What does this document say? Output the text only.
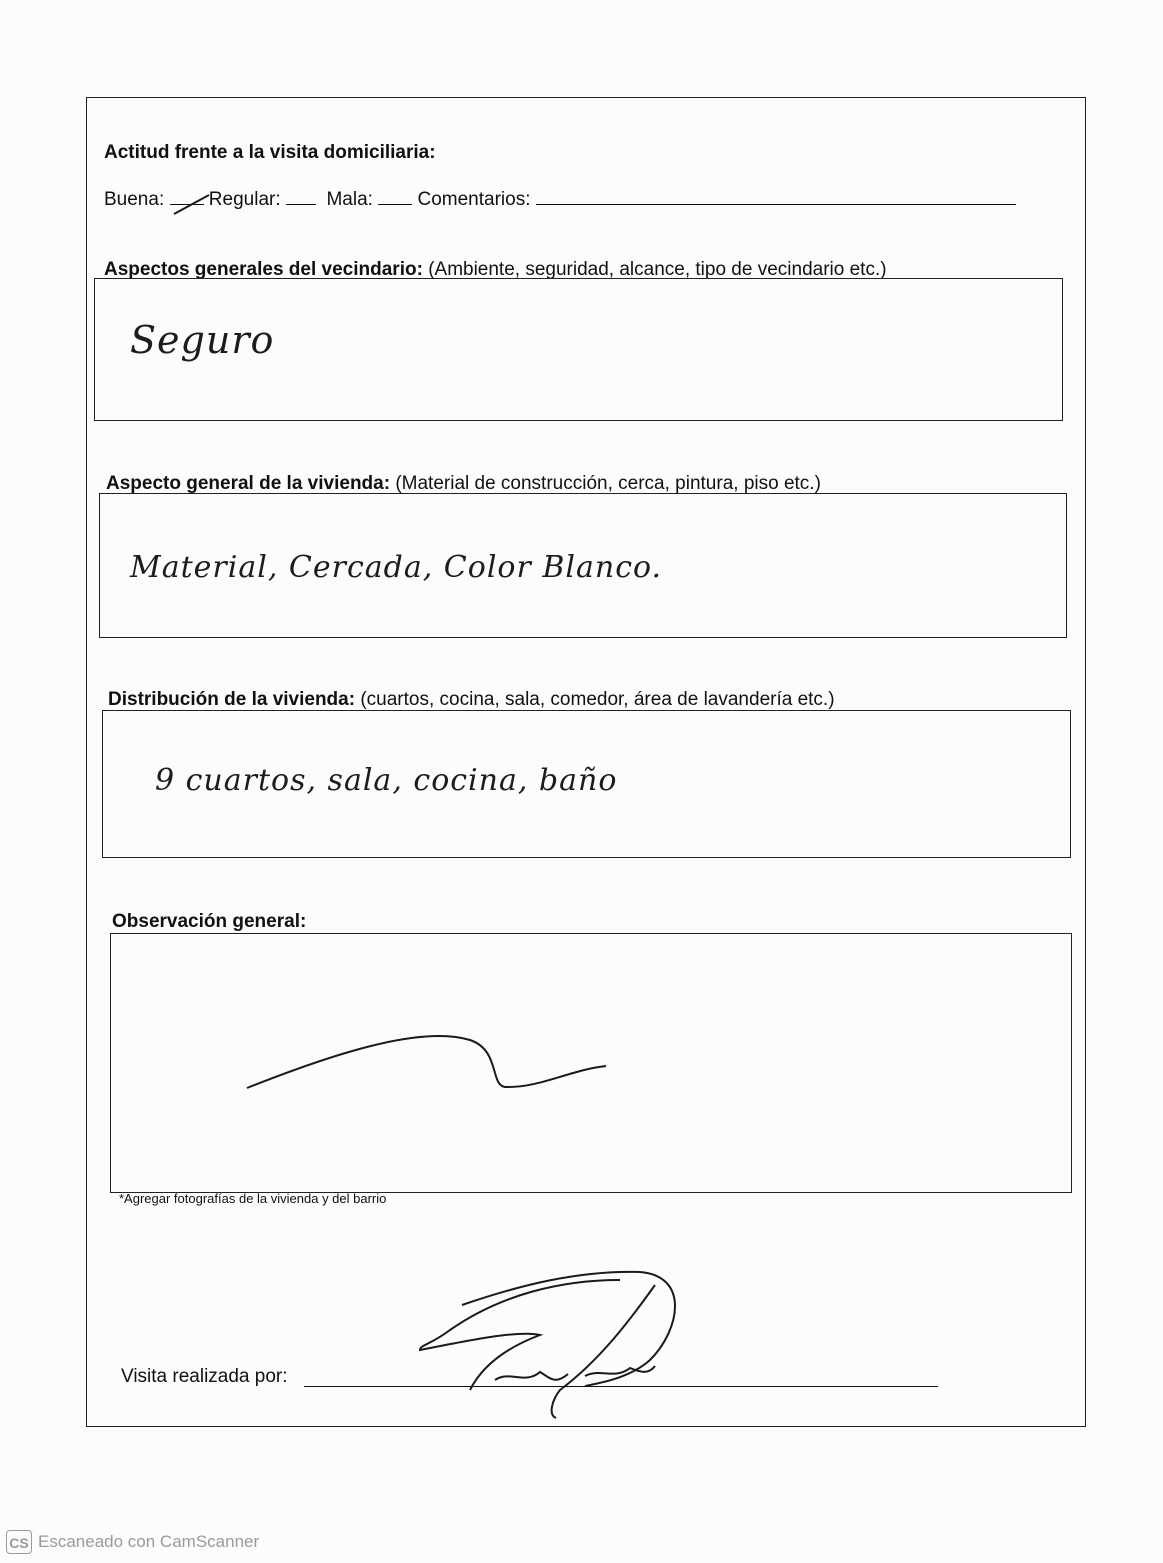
Actitud frente a la visita domiciliaria:
Buena: Regular: Mala: Comentarios:
Aspectos generales del vecindario: (Ambiente, seguridad, alcance, tipo de vecindario etc.)
Seguro
Aspecto general de la vivienda: (Material de construcción, cerca, pintura, piso etc.)
Material, Cercada, Color Blanco.
Distribución de la vivienda: (cuartos, cocina, sala, comedor, área de lavandería etc.)
9 cuartos, sala, cocina, baño
Observación general:
*Agregar fotografías de la vivienda y del barrio
Visita realizada por:
CS Escaneado con CamScanner
